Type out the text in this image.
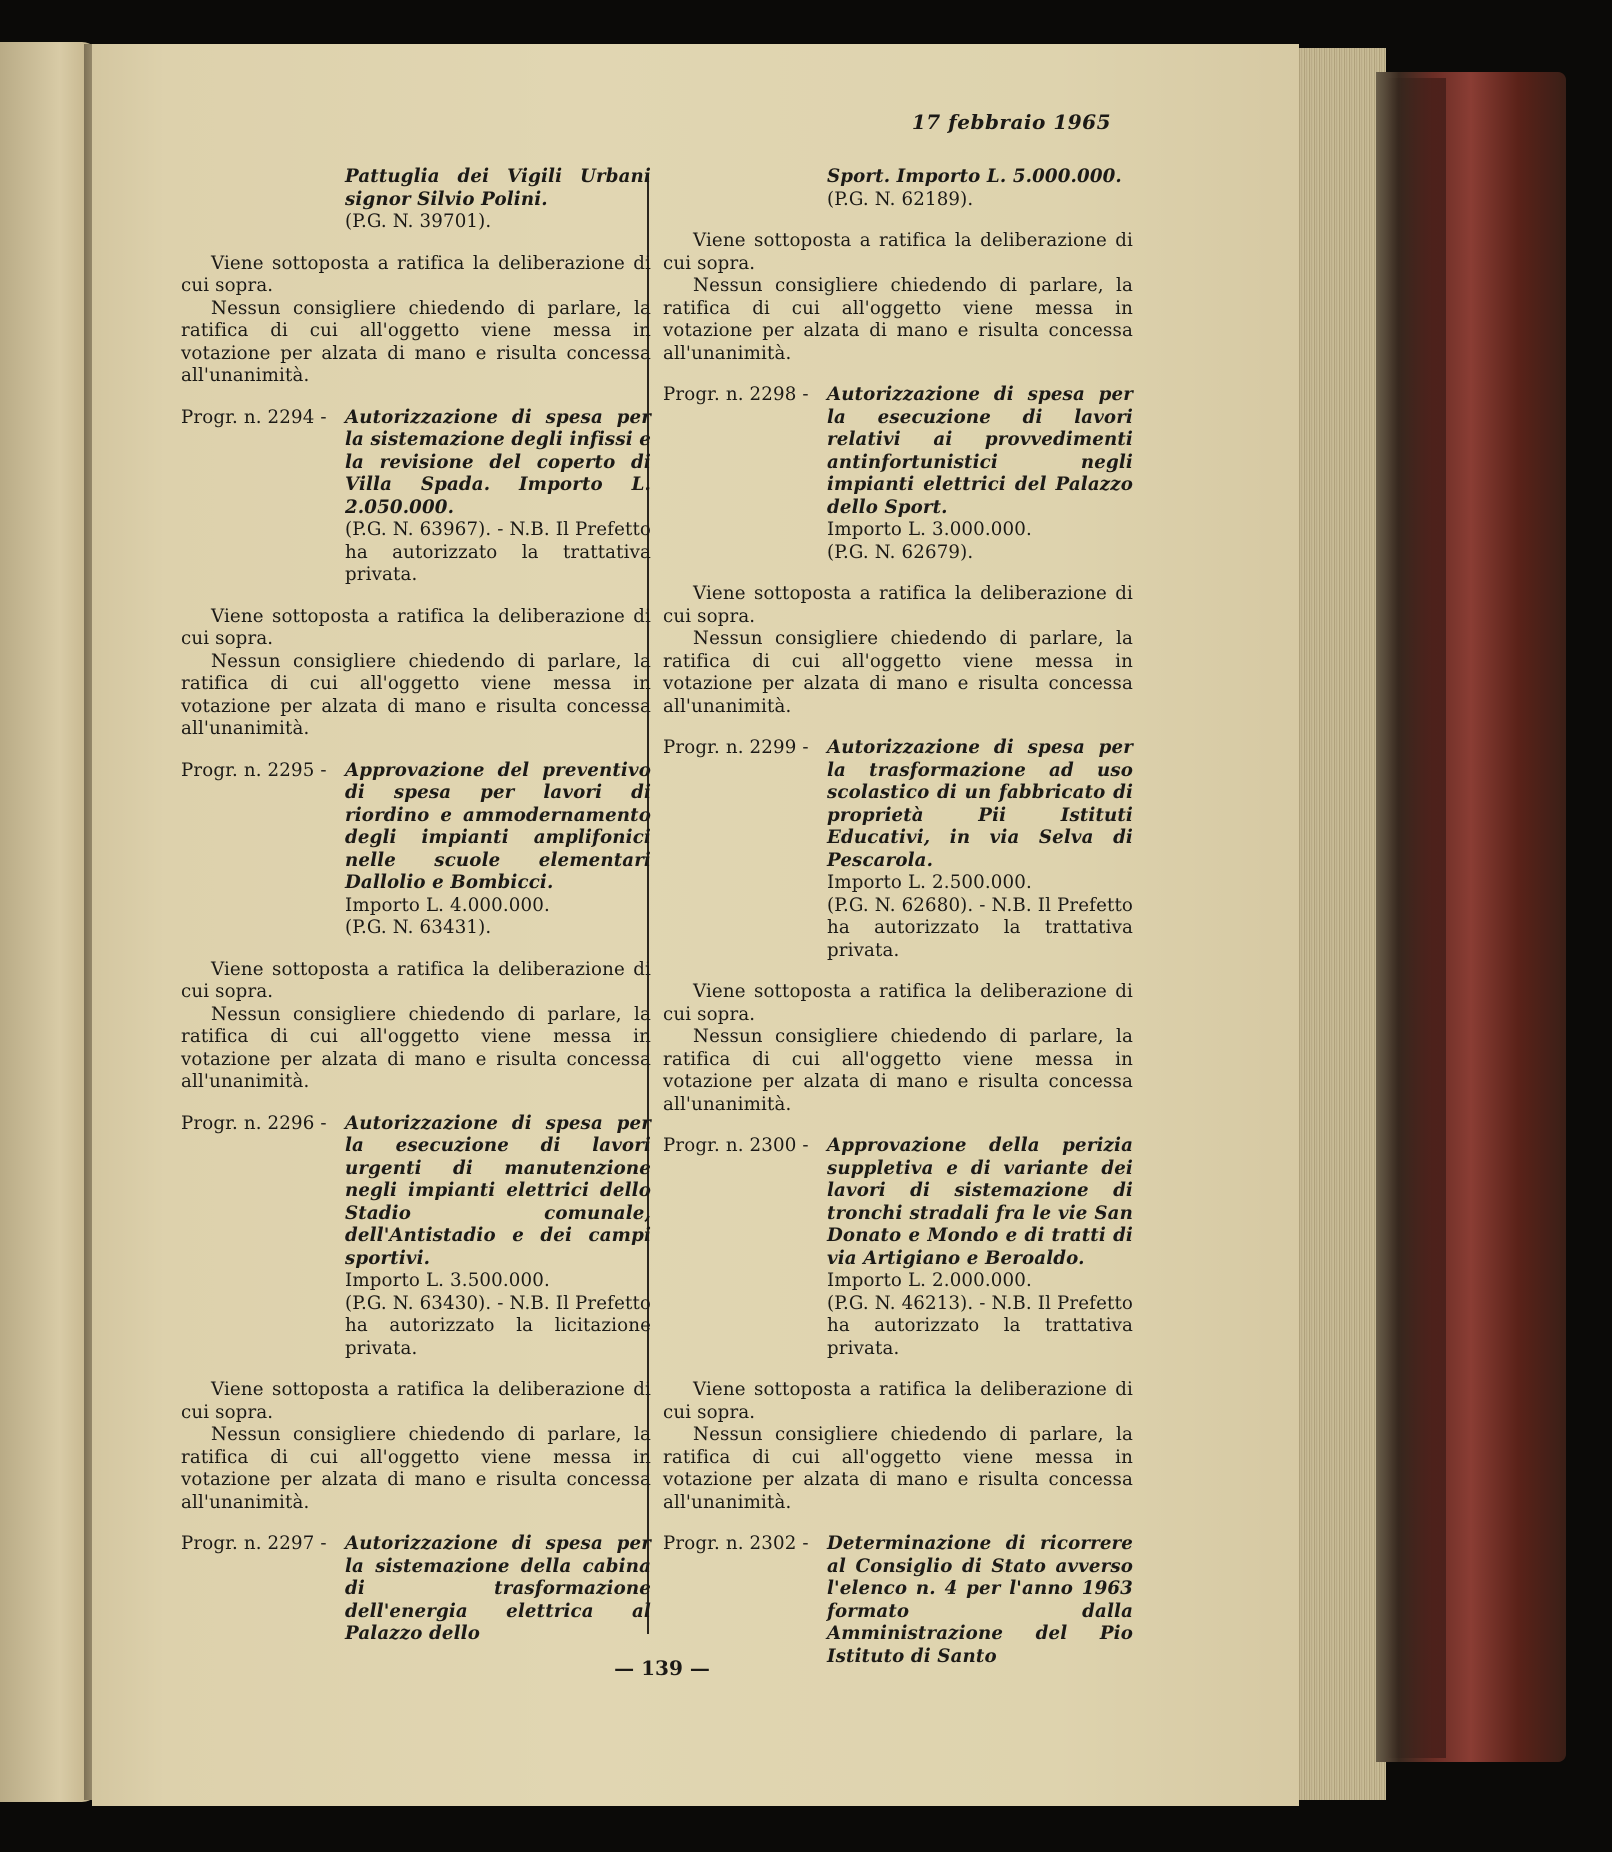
17 febbraio 1965
Pattuglia dei Vigili Urbani signor Silvio Polini.
(P.G. N. 39701).

Viene sottoposta a ratifica la deliberazione di cui sopra.

Nessun consigliere chiedendo di parlare, la ratifica di cui all'oggetto viene messa in votazione per alzata di mano e risulta concessa all'unanimità.

Progr. n. 2294 -	Autorizzazione di spesa per la sistemazione degli infissi e la revisione del coperto di Villa Spada. Importo L. 2.050.000.
(P.G. N. 63967). - N.B. Il Prefetto ha autorizzato la trattativa privata.

Viene sottoposta a ratifica la deliberazione di cui sopra.

Nessun consigliere chiedendo di parlare, la ratifica di cui all'oggetto viene messa in votazione per alzata di mano e risulta concessa all'unanimità.

Progr. n. 2295 -	Approvazione del preventivo di spesa per lavori di riordino e ammodernamento degli impianti amplifonici nelle scuole elementari Dallolio e Bombicci.
Importo L. 4.000.000.
(P.G. N. 63431).

Viene sottoposta a ratifica la deliberazione di cui sopra.

Nessun consigliere chiedendo di parlare, la ratifica di cui all'oggetto viene messa in votazione per alzata di mano e risulta concessa all'unanimità.

Progr. n. 2296 -	Autorizzazione di spesa per la esecuzione di lavori urgenti di manutenzione negli impianti elettrici dello Stadio comunale, dell'Antistadio e dei campi sportivi.
Importo L. 3.500.000.
(P.G. N. 63430). - N.B. Il Prefetto ha autorizzato la licitazione privata.

Viene sottoposta a ratifica la deliberazione di cui sopra.

Nessun consigliere chiedendo di parlare, la ratifica di cui all'oggetto viene messa in votazione per alzata di mano e risulta concessa all'unanimità.

Progr. n. 2297 -	Autorizzazione di spesa per la sistemazione della cabina di trasformazione dell'energia elettrica al Palazzo dello
Sport. Importo L. 5.000.000.
(P.G. N. 62189).

Viene sottoposta a ratifica la deliberazione di cui sopra.

Nessun consigliere chiedendo di parlare, la ratifica di cui all'oggetto viene messa in votazione per alzata di mano e risulta concessa all'unanimità.

Progr. n. 2298 -	Autorizzazione di spesa per la esecuzione di lavori relativi ai provvedimenti antinfortunistici negli impianti elettrici del Palazzo dello Sport.
Importo L. 3.000.000.
(P.G. N. 62679).

Viene sottoposta a ratifica la deliberazione di cui sopra.

Nessun consigliere chiedendo di parlare, la ratifica di cui all'oggetto viene messa in votazione per alzata di mano e risulta concessa all'unanimità.

Progr. n. 2299 -	Autorizzazione di spesa per la trasformazione ad uso scolastico di un fabbricato di proprietà Pii Istituti Educativi, in via Selva di Pescarola.
Importo L. 2.500.000.
(P.G. N. 62680). - N.B. Il Prefetto ha autorizzato la trattativa privata.

Viene sottoposta a ratifica la deliberazione di cui sopra.

Nessun consigliere chiedendo di parlare, la ratifica di cui all'oggetto viene messa in votazione per alzata di mano e risulta concessa all'unanimità.

Progr. n. 2300 -	Approvazione della perizia suppletiva e di variante dei lavori di sistemazione di tronchi stradali fra le vie San Donato e Mondo e di tratti di via Artigiano e Beroaldo.
Importo L. 2.000.000.
(P.G. N. 46213). - N.B. Il Prefetto ha autorizzato la trattativa privata.

Viene sottoposta a ratifica la deliberazione di cui sopra.

Nessun consigliere chiedendo di parlare, la ratifica di cui all'oggetto viene messa in votazione per alzata di mano e risulta concessa all'unanimità.

Progr. n. 2302 -	Determinazione di ricorrere al Consiglio di Stato avverso l'elenco n. 4 per l'anno 1963 formato dalla Amministrazione del Pio Istituto di Santo
— 139 —
